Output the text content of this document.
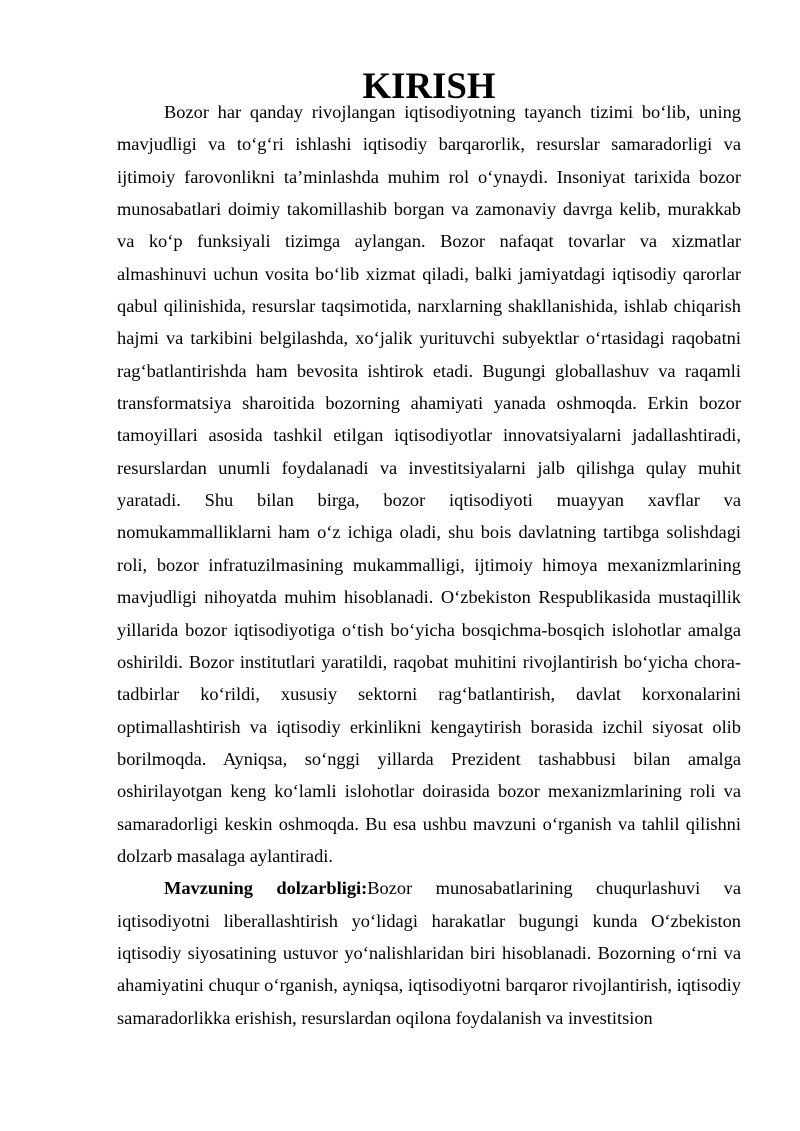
KIRISH

Bozor har qanday rivojlangan iqtisodiyotning tayanch tizimi bo‘lib, uning mavjudligi va to‘g‘ri ishlashi iqtisodiy barqarorlik, resurslar samaradorligi va ijtimoiy farovonlikni ta’minlashda muhim rol o‘ynaydi. Insoniyat tarixida bozor munosabatlari doimiy takomillashib borgan va zamonaviy davrga kelib, murakkab va ko‘p funksiyali tizimga aylangan. Bozor nafaqat tovarlar va xizmatlar almashinuvi uchun vosita bo‘lib xizmat qiladi, balki jamiyatdagi iqtisodiy qarorlar qabul qilinishida, resurslar taqsimotida, narxlarning shakllanishida, ishlab chiqarish hajmi va tarkibini belgilashda, xo‘jalik yurituvchi subyektlar o‘rtasidagi raqobatni rag‘batlantirishda ham bevosita ishtirok etadi. Bugungi globallashuv va raqamli transformatsiya sharoitida bozorning ahamiyati yanada oshmoqda. Erkin bozor tamoyillari asosida tashkil etilgan iqtisodiyotlar innovatsiyalarni jadallashtiradi, resurslardan unumli foydalanadi va investitsiyalarni jalb qilishga qulay muhit yaratadi. Shu bilan birga, bozor iqtisodiyoti muayyan xavflar va nomukammalliklarni ham o‘z ichiga oladi, shu bois davlatning tartibga solishdagi roli, bozor infratuzilmasining mukammalligi, ijtimoiy himoya mexanizmlarining mavjudligi nihoyatda muhim hisoblanadi. O‘zbekiston Respublikasida mustaqillik yillarida bozor iqtisodiyotiga o‘tish bo‘yicha bosqichma-bosqich islohotlar amalga oshirildi. Bozor institutlari yaratildi, raqobat muhitini rivojlantirish bo‘yicha chora-tadbirlar ko‘rildi, xususiy sektorni rag‘batlantirish, davlat korxonalarini optimallashtirish va iqtisodiy erkinlikni kengaytirish borasida izchil siyosat olib borilmoqda. Ayniqsa, so‘nggi yillarda Prezident tashabbusi bilan amalga oshirilayotgan keng ko‘lamli islohotlar doirasida bozor mexanizmlarining roli va samaradorligi keskin oshmoqda. Bu esa ushbu mavzuni o‘rganish va tahlil qilishni dolzarb masalaga aylantiradi.

Mavzuning dolzarbligi:Bozor munosabatlarining chuqurlashuvi va iqtisodiyotni liberallashtirish yo‘lidagi harakatlar bugungi kunda O‘zbekiston iqtisodiy siyosatining ustuvor yo‘nalishlaridan biri hisoblanadi. Bozorning o‘rni va ahamiyatini chuqur o‘rganish, ayniqsa, iqtisodiyotni barqaror rivojlantirish, iqtisodiy samaradorlikka erishish, resurslardan oqilona foydalanish va investitsion
